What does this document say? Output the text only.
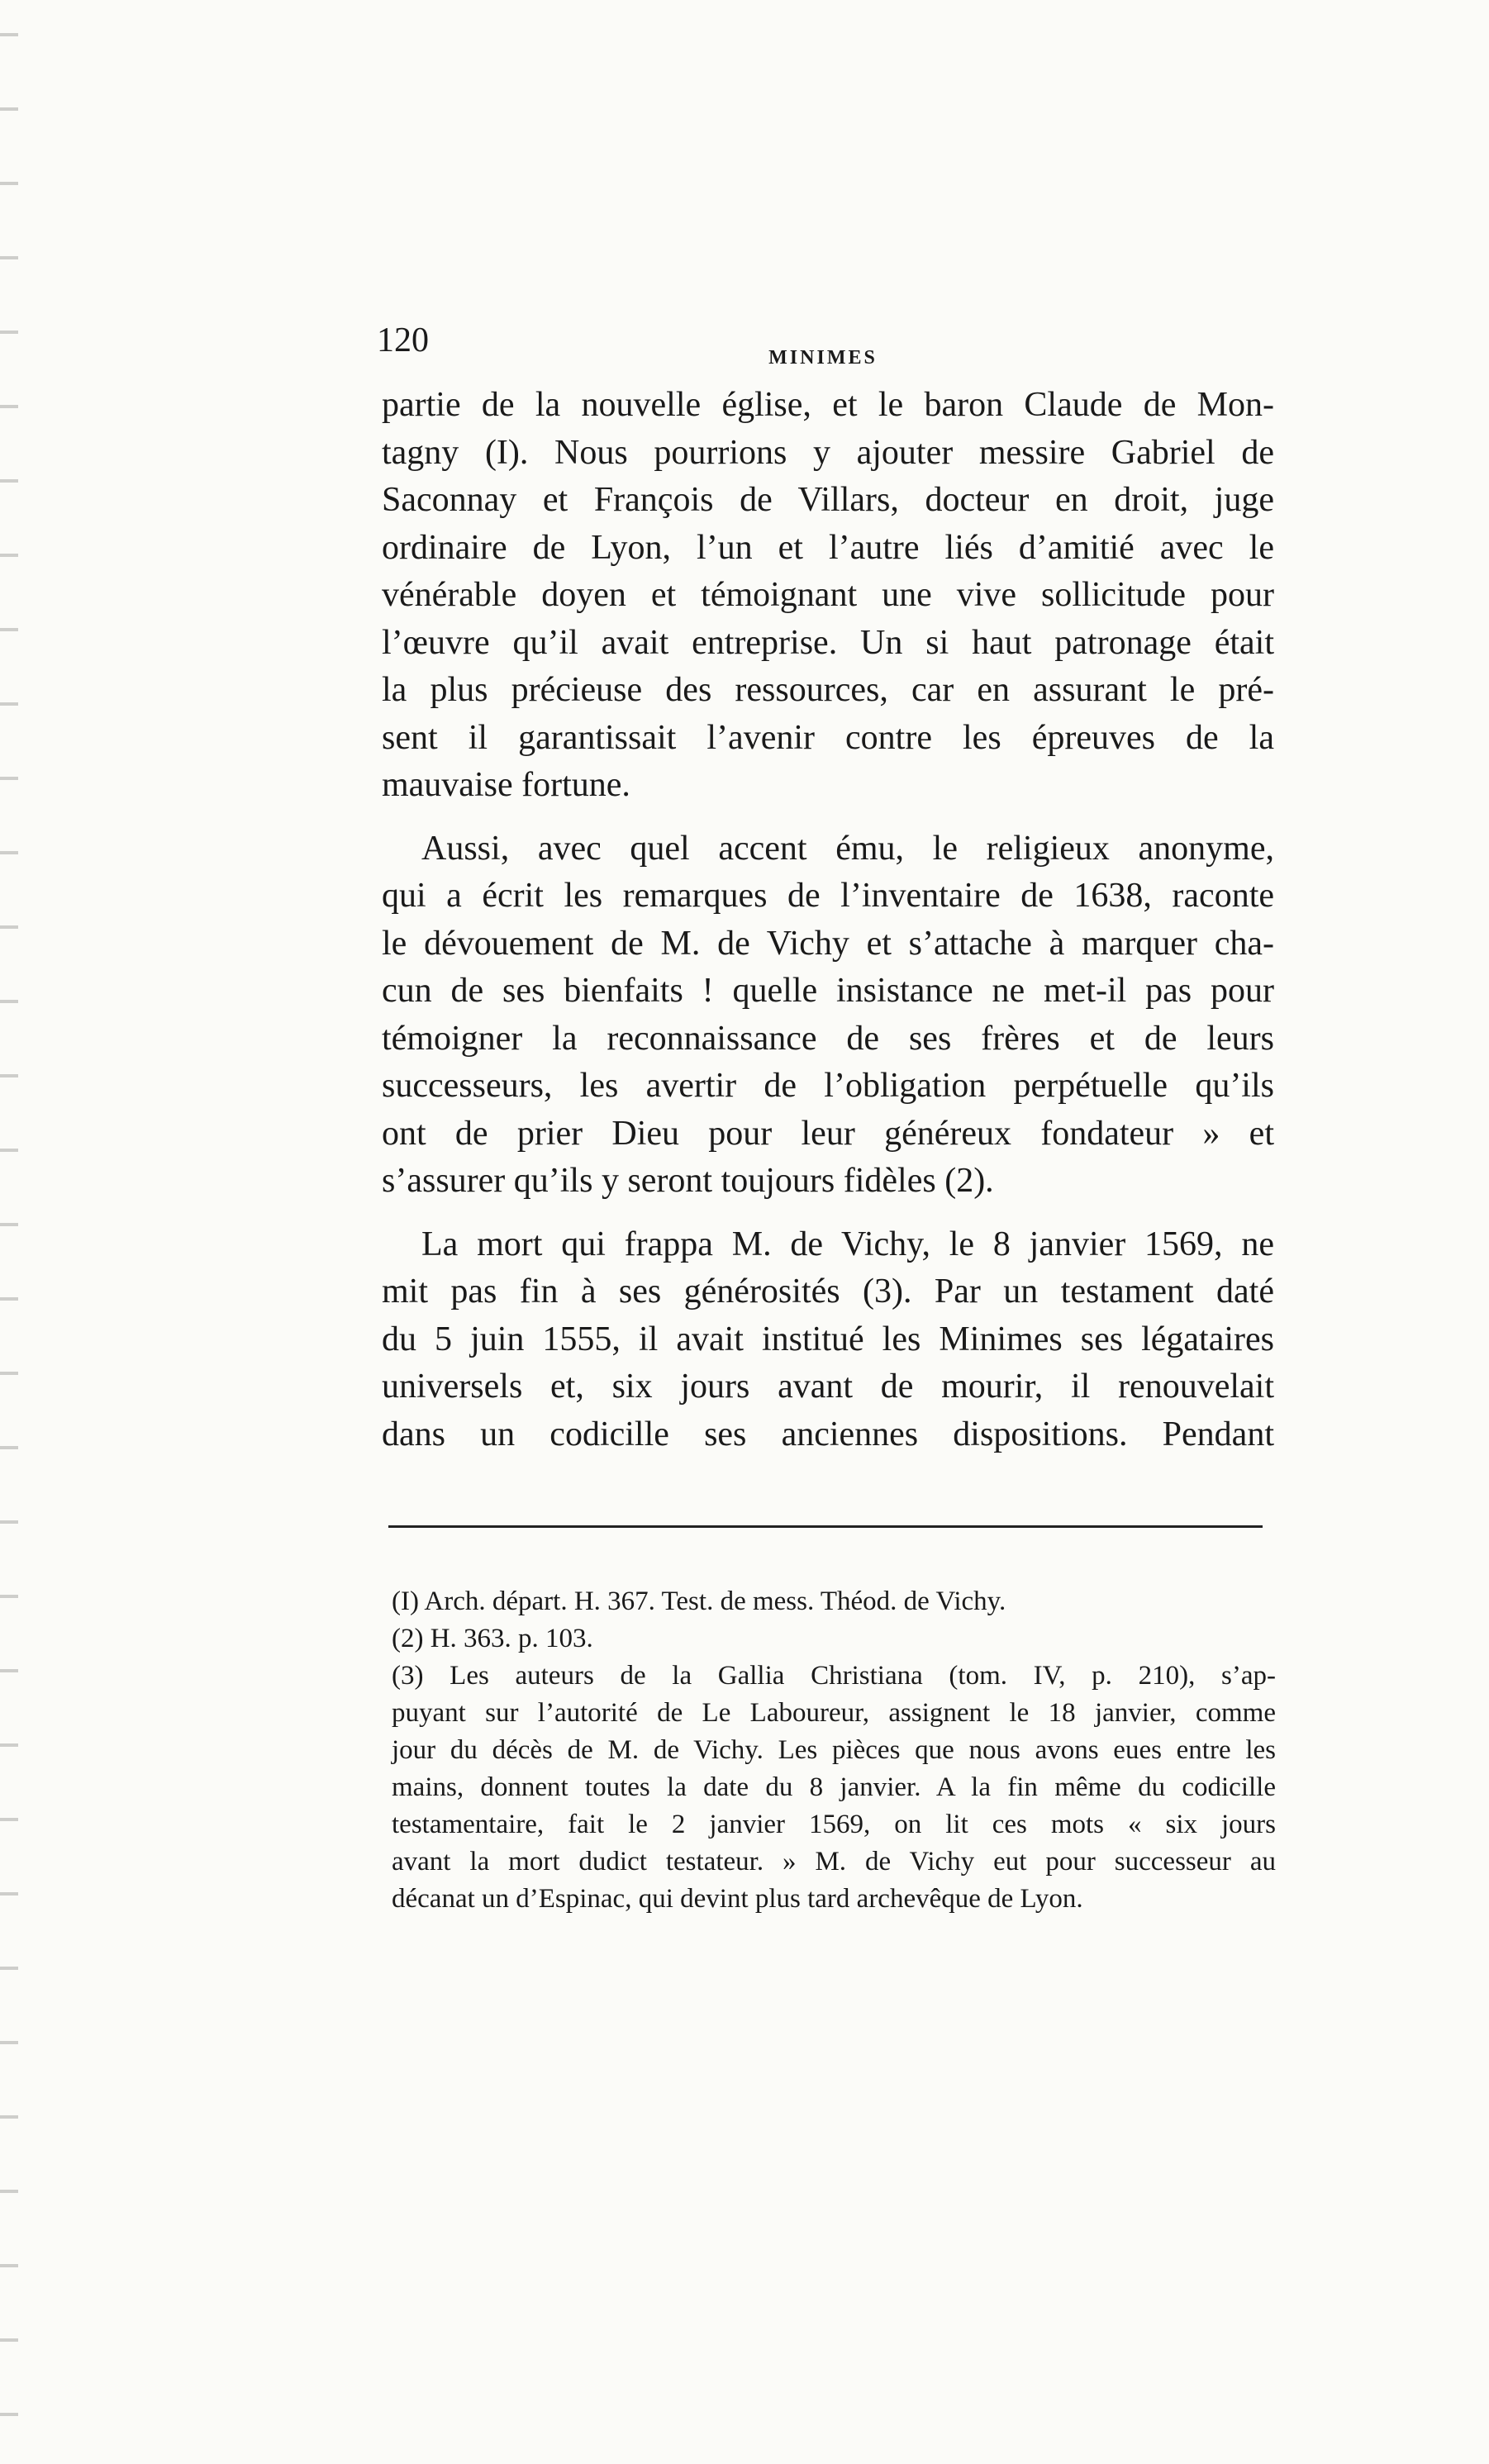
120	MINIMES
partie de la nouvelle église, et le baron Claude de Mon-
tagny (I). Nous pourrions y ajouter messire Gabriel de
Saconnay et François de Villars, docteur en droit, juge
ordinaire de Lyon, l’un et l’autre liés d’amitié avec le
vénérable doyen et témoignant une vive sollicitude pour
l’œuvre qu’il avait entreprise. Un si haut patronage était
la plus précieuse des ressources, car en assurant le pré-
sent il garantissait l’avenir contre les épreuves de la
mauvaise fortune.
Aussi, avec quel accent ému, le religieux anonyme,
qui a écrit les remarques de l’inventaire de 1638, raconte
le dévouement de M. de Vichy et s’attache à marquer cha-
cun de ses bienfaits ! quelle insistance ne met-il pas pour
témoigner la reconnaissance de ses frères et de leurs
successeurs, les avertir de l’obligation perpétuelle qu’ils
ont de prier Dieu pour leur généreux fondateur » et
s’assurer qu’ils y seront toujours fidèles (2).
La mort qui frappa M. de Vichy, le 8 janvier 1569, ne
mit pas fin à ses générosités (3). Par un testament daté
du 5 juin 1555, il avait institué les Minimes ses légataires
universels et, six jours avant de mourir, il renouvelait
dans un codicille ses anciennes dispositions. Pendant
(I) Arch. départ. H. 367. Test. de mess. Théod. de Vichy.
(2) H. 363. p. 103.
(3) Les auteurs de la Gallia Christiana (tom. IV, p. 210), s’ap-
puyant sur l’autorité de Le Laboureur, assignent le 18 janvier, comme
jour du décès de M. de Vichy. Les pièces que nous avons eues entre les
mains, donnent toutes la date du 8 janvier. A la fin même du codicille
testamentaire, fait le 2 janvier 1569, on lit ces mots « six jours
avant la mort dudict testateur. » M. de Vichy eut pour successeur au
décanat un d’Espinac, qui devint plus tard archevêque de Lyon.
